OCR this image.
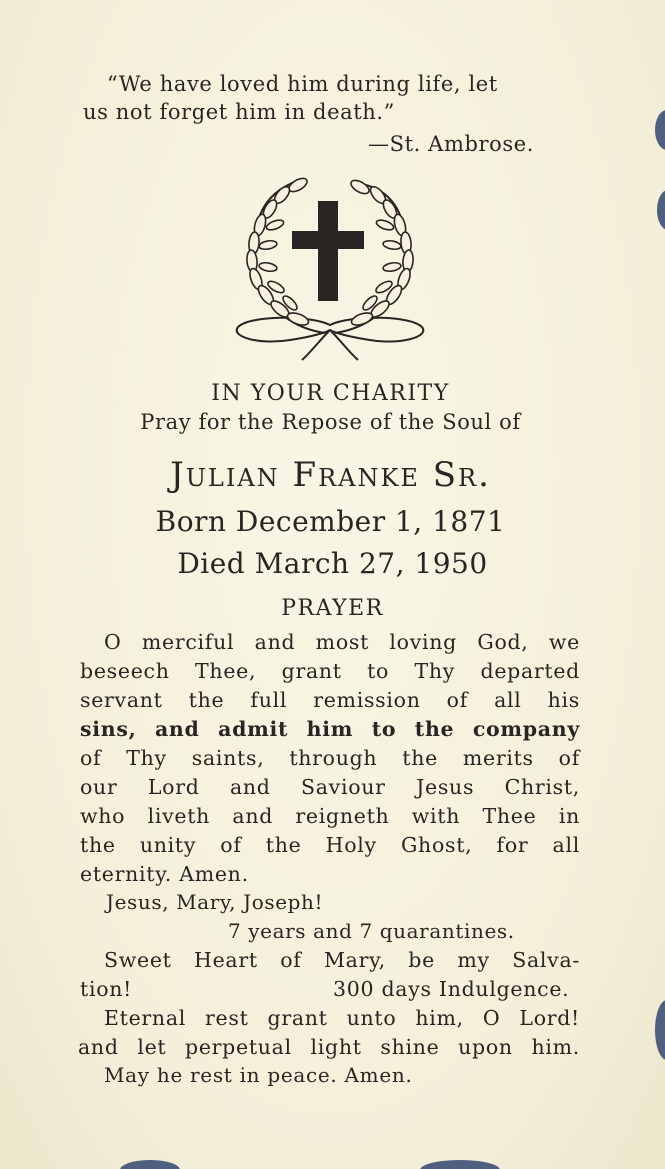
“We have loved him during life, let
us not forget him in death.”
—St. Ambrose.
IN YOUR CHARITY
Pray for the Repose of the Soul of
Julian Franke Sr.
Born December 1, 1871
Died March 27, 1950
PRAYER
O merciful and most loving God, we
beseech Thee, grant to Thy departed
servant the full remission of all his
sins, and admit him to the company
of Thy saints, through the merits of
our Lord and Saviour Jesus Christ,
who liveth and reigneth with Thee in
the unity of the Holy Ghost, for all
eternity. Amen.
Jesus, Mary, Joseph!
7 years and 7 quarantines.
Sweet Heart of Mary, be my Salva-
tion!	300 days Indulgence.
Eternal rest grant unto him, O Lord!
and let perpetual light shine upon him.
May he rest in peace. Amen.
